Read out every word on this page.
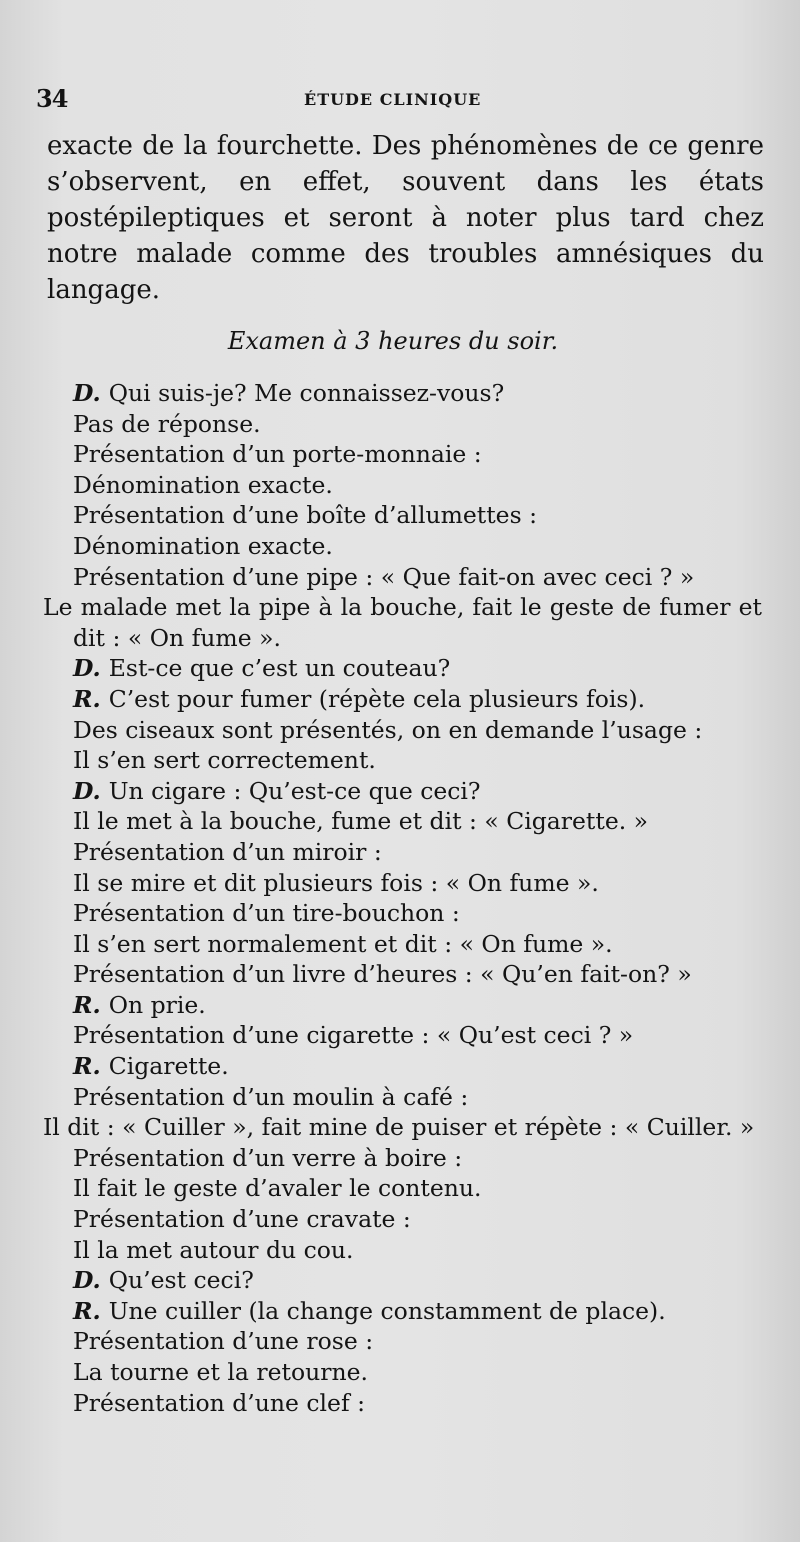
34	ÉTUDE CLINIQUE

exacte de la fourchette. Des phénomènes de ce genre s’observent, en effet, souvent dans les états postépileptiques et seront à noter plus tard chez notre malade comme des troubles amnésiques du langage.

Examen à 3 heures du soir.
D. Qui suis-je? Me connaissez-vous?
Pas de réponse.
Présentation d’un porte-monnaie :
Dénomination exacte.
Présentation d’une boîte d’allumettes :
Dénomination exacte.
Présentation d’une pipe : « Que fait-on avec ceci ? »
Le malade met la pipe à la bouche, fait le geste de fumer et dit : « On fume ».
D. Est-ce que c’est un couteau?
R. C’est pour fumer (répète cela plusieurs fois).
Des ciseaux sont présentés, on en demande l’usage :
Il s’en sert correctement.
D. Un cigare : Qu’est-ce que ceci?
Il le met à la bouche, fume et dit : « Cigarette. »
Présentation d’un miroir :
Il se mire et dit plusieurs fois : « On fume ».
Présentation d’un tire-bouchon :
Il s’en sert normalement et dit : « On fume ».
Présentation d’un livre d’heures : « Qu’en fait-on? »
R. On prie.
Présentation d’une cigarette : « Qu’est ceci ? »
R. Cigarette.
Présentation d’un moulin à café :
Il dit : « Cuiller », fait mine de puiser et répète : « Cuiller. »
Présentation d’un verre à boire :
Il fait le geste d’avaler le contenu.
Présentation d’une cravate :
Il la met autour du cou.
D. Qu’est ceci?
R. Une cuiller (la change constamment de place).
Présentation d’une rose :
La tourne et la retourne.
Présentation d’une clef :
